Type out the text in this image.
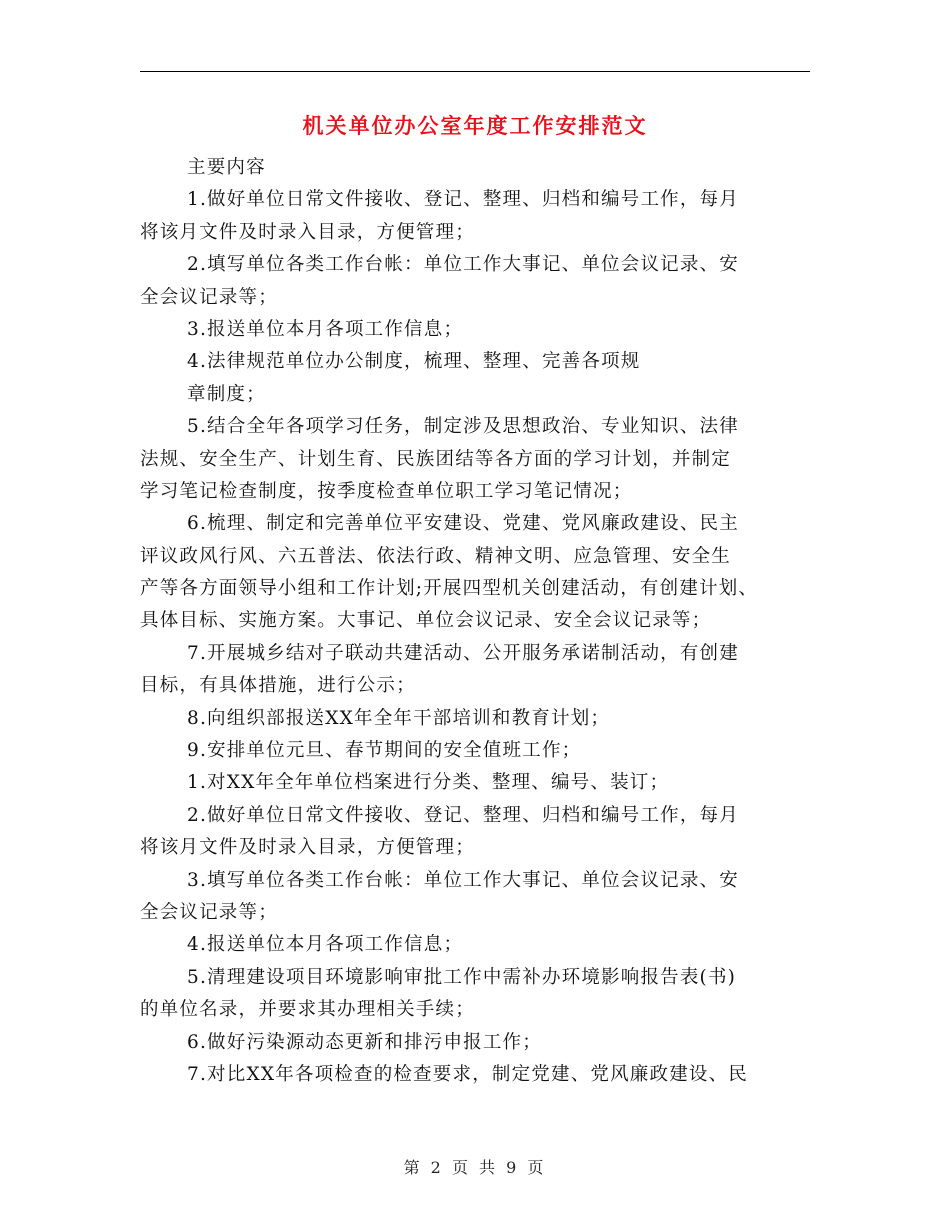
机关单位办公室年度工作安排范文
主要内容
1.做好单位日常文件接收、登记、整理、归档和编号工作，每月
将该月文件及时录入目录，方便管理；
2.填写单位各类工作台帐：单位工作大事记、单位会议记录、安
全会议记录等；
3.报送单位本月各项工作信息；
4.法律规范单位办公制度，梳理、整理、完善各项规
章制度；
5.结合全年各项学习任务，制定涉及思想政治、专业知识、法律
法规、安全生产、计划生育、民族团结等各方面的学习计划，并制定
学习笔记检查制度，按季度检查单位职工学习笔记情况；
6.梳理、制定和完善单位平安建设、党建、党风廉政建设、民主
评议政风行风、六五普法、依法行政、精神文明、应急管理、安全生
产等各方面领导小组和工作计划;开展四型机关创建活动，有创建计划、
具体目标、实施方案。大事记、单位会议记录、安全会议记录等；
7.开展城乡结对子联动共建活动、公开服务承诺制活动，有创建
目标，有具体措施，进行公示；
8.向组织部报送XX年全年干部培训和教育计划；
9.安排单位元旦、春节期间的安全值班工作；
1.对XX年全年单位档案进行分类、整理、编号、装订；
2.做好单位日常文件接收、登记、整理、归档和编号工作，每月
将该月文件及时录入目录，方便管理；
3.填写单位各类工作台帐：单位工作大事记、单位会议记录、安
全会议记录等；
4.报送单位本月各项工作信息；
5.清理建设项目环境影响审批工作中需补办环境影响报告表(书)
的单位名录，并要求其办理相关手续；
6.做好污染源动态更新和排污申报工作；
7.对比XX年各项检查的检查要求，制定党建、党风廉政建设、民
第 2 页 共 9 页
